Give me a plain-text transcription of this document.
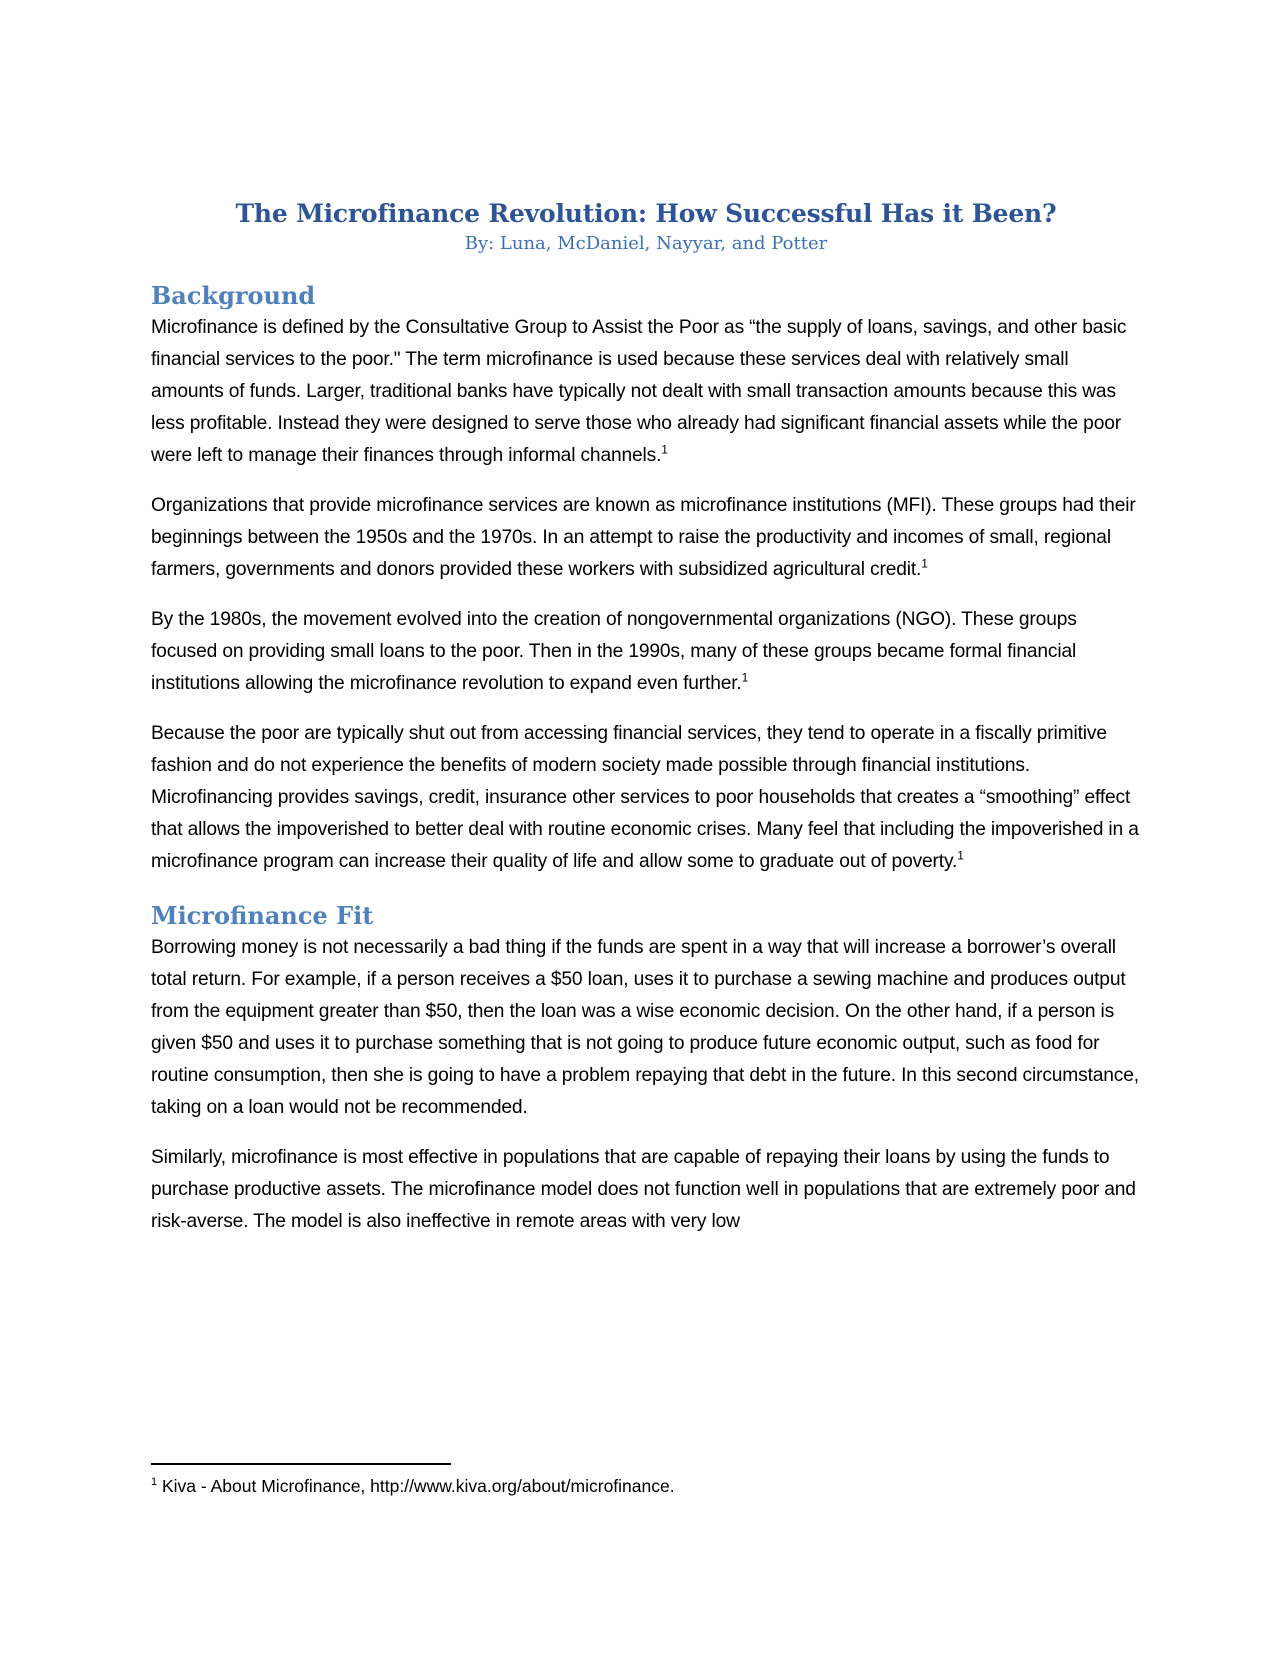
The Microfinance Revolution: How Successful Has it Been?

By: Luna, McDaniel, Nayyar, and Potter

Background

Microfinance is defined by the Consultative Group to Assist the Poor as “the supply of loans, savings, and other basic financial services to the poor." The term microfinance is used because these services deal with relatively small amounts of funds. Larger, traditional banks have typically not dealt with small transaction amounts because this was less profitable. Instead they were designed to serve those who already had significant financial assets while the poor were left to manage their finances through informal channels.$^1$

Organizations that provide microfinance services are known as microfinance institutions (MFI). These groups had their beginnings between the 1950s and the 1970s. In an attempt to raise the productivity and incomes of small, regional farmers, governments and donors provided these workers with subsidized agricultural credit.$^1$

By the 1980s, the movement evolved into the creation of nongovernmental organizations (NGO). These groups focused on providing small loans to the poor. Then in the 1990s, many of these groups became formal financial institutions allowing the microfinance revolution to expand even further.$^1$

Because the poor are typically shut out from accessing financial services, they tend to operate in a fiscally primitive fashion and do not experience the benefits of modern society made possible through financial institutions. Microfinancing provides savings, credit, insurance other services to poor households that creates a “smoothing” effect that allows the impoverished to better deal with routine economic crises. Many feel that including the impoverished in a microfinance program can increase their quality of life and allow some to graduate out of poverty.$^1$

Microfinance Fit

Borrowing money is not necessarily a bad thing if the funds are spent in a way that will increase a borrower’s overall total return. For example, if a person receives a $50 loan, uses it to purchase a sewing machine and produces output from the equipment greater than $50, then the loan was a wise economic decision. On the other hand, if a person is given $50 and uses it to purchase something that is not going to produce future economic output, such as food for routine consumption, then she is going to have a problem repaying that debt in the future. In this second circumstance, taking on a loan would not be recommended.

Similarly, microfinance is most effective in populations that are capable of repaying their loans by using the funds to purchase productive assets. The microfinance model does not function well in populations that are extremely poor and risk-averse. The model is also ineffective in remote areas with very low

$^1$ Kiva - About Microfinance, http://www.kiva.org/about/microfinance.
